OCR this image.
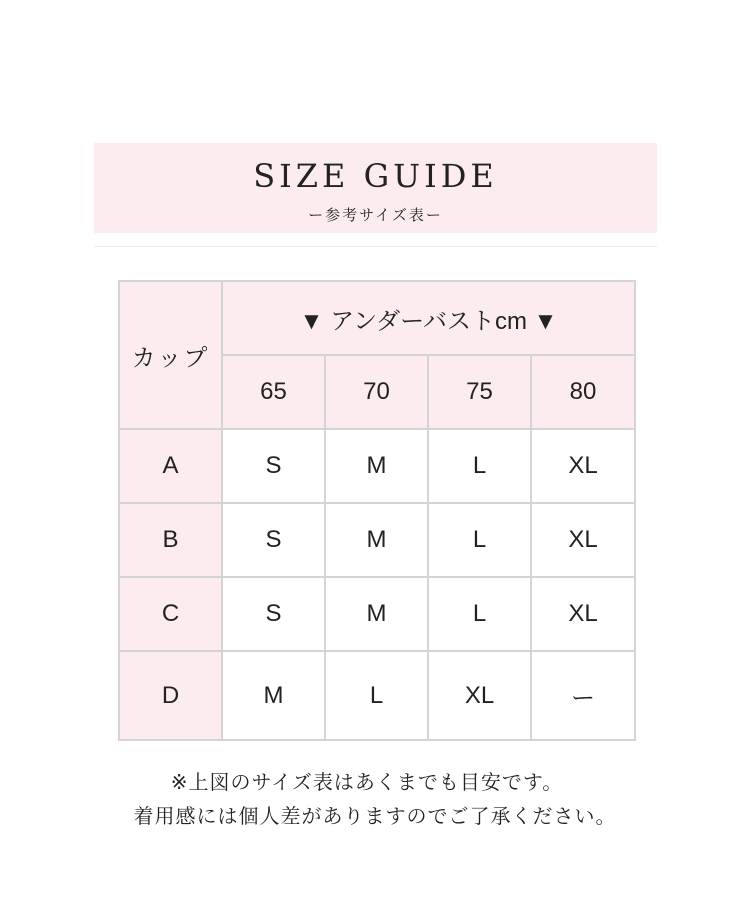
SIZE GUIDE
ー参考サイズ表ー
カップ	▼ アンダーバストcm ▼			
	65	70	75	80
A	S	M	L	XL
B	S	M	L	XL
C	S	M	L	XL
D	M	L	XL	ー
※上図のサイズ表はあくまでも目安です。
着用感には個人差がありますのでご了承ください。
